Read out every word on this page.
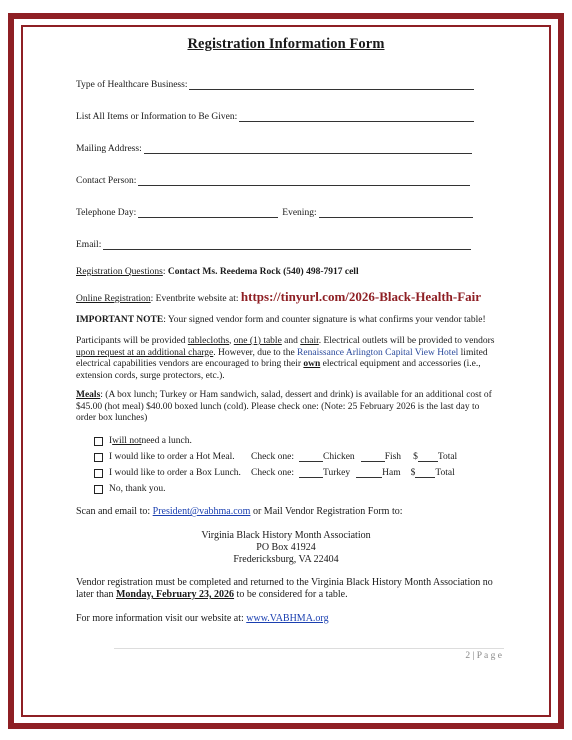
Registration Information Form
Type of Healthcare Business:
List All Items or Information to Be Given:
Mailing Address:
Contact Person:
Telephone Day:	Evening:
Email:
Registration Questions: Contact Ms. Reedema Rock (540) 498-7917 cell
Online Registration: Eventbrite website at: https://tinyurl.com/2026-Black-Health-Fair
IMPORTANT NOTE: Your signed vendor form and counter signature is what confirms your vendor table!
Participants will be provided tablecloths, one (1) table and chair. Electrical outlets will be provided to vendors upon request at an additional charge. However, due to the Renaissance Arlington Capital View Hotel limited electrical capabilities vendors are encouraged to bring their own electrical equipment and accessories (i.e., extension cords, surge protectors, etc.).
Meals: (A box lunch; Turkey or Ham sandwich, salad, dessert and drink) is available for an additional cost of $45.00 (hot meal) $40.00 boxed lunch (cold). Please check one: (Note: 25 February 2026 is the last day to order box lunches)
I will not need a lunch.
I would like to order a Hot Meal.	Check one:	Chicken	Fish $ Total
I would like to order a Box Lunch.	Check one:	Turkey	Ham $ Total
No, thank you.
Scan and email to: President@vabhma.com or Mail Vendor Registration Form to:
Virginia Black History Month Association
PO Box 41924
Fredericksburg, VA 22404
Vendor registration must be completed and returned to the Virginia Black History Month Association no later than Monday, February 23, 2026 to be considered for a table.
For more information visit our website at: www.VABHMA.org
2 | P a g e
